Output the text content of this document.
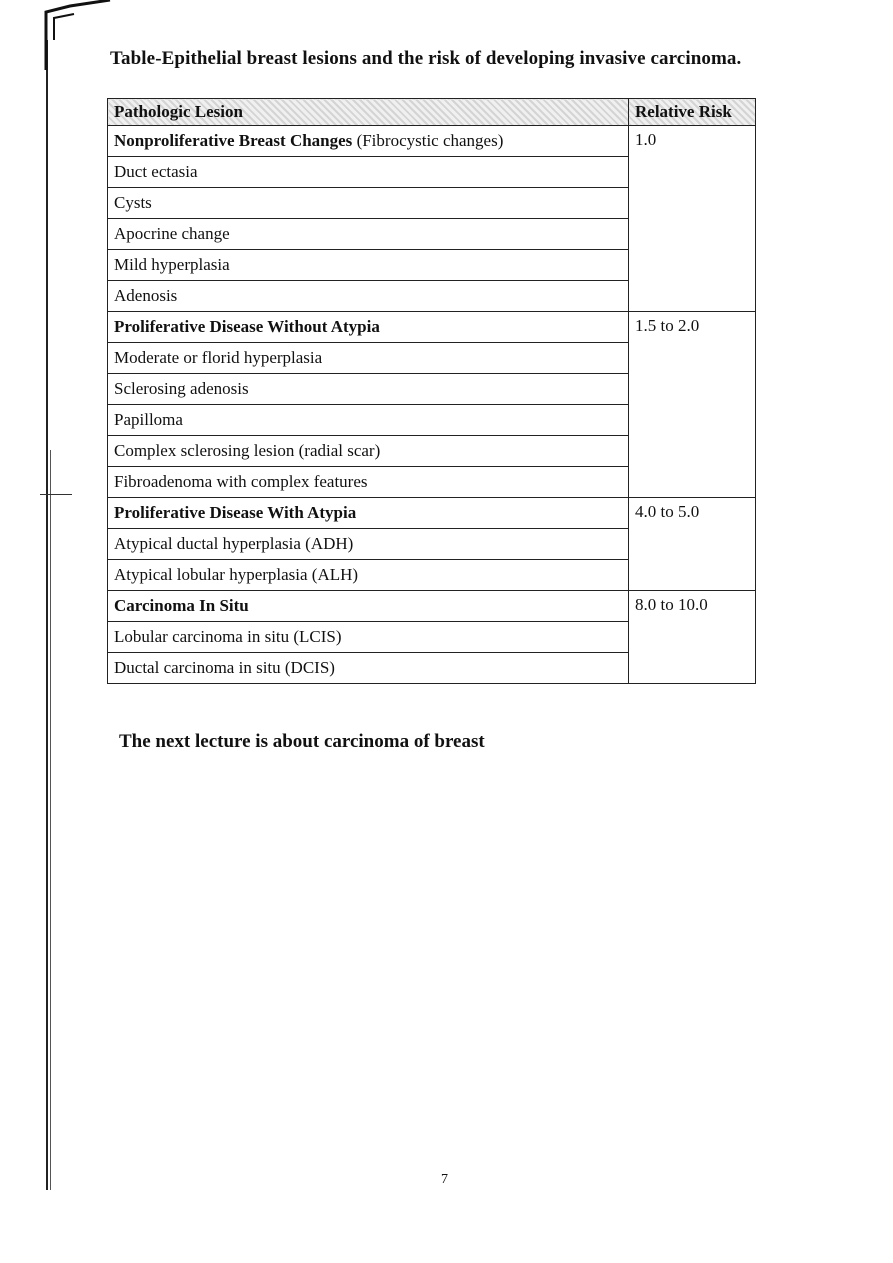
Table-Epithelial breast lesions and the risk of developing invasive carcinoma.
Pathologic Lesion	Relative Risk
Nonproliferative Breast Changes (Fibrocystic changes)	1.0
Duct ectasia	
Cysts	
Apocrine change	
Mild hyperplasia	
Adenosis	
Proliferative Disease Without Atypia	1.5 to 2.0
Moderate or florid hyperplasia	
Sclerosing adenosis	
Papilloma	
Complex sclerosing lesion (radial scar)	
Fibroadenoma with complex features	
Proliferative Disease With Atypia	4.0 to 5.0
Atypical ductal hyperplasia (ADH)	
Atypical lobular hyperplasia (ALH)	
Carcinoma In Situ	8.0 to 10.0
Lobular carcinoma in situ (LCIS)	
Ductal carcinoma in situ (DCIS)	
The next lecture is about carcinoma of breast
7
